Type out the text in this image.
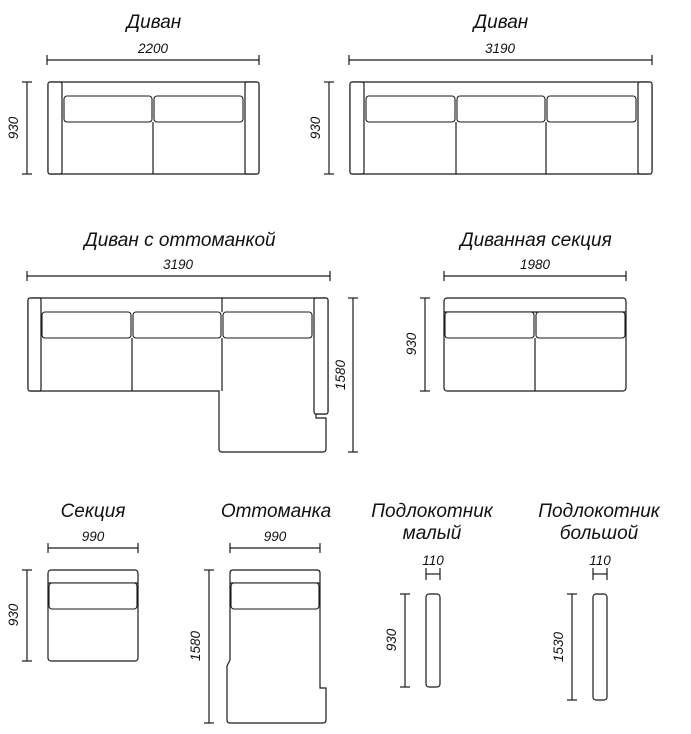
Диван
2200
930
Диван
3190
930
Диван с оттоманкой
3190
1580
Диванная секция
1980
930
Секция
990
930
Оттоманка
990
1580
Подлокотник
малый
110
930
Подлокотник
большой
110
1530
